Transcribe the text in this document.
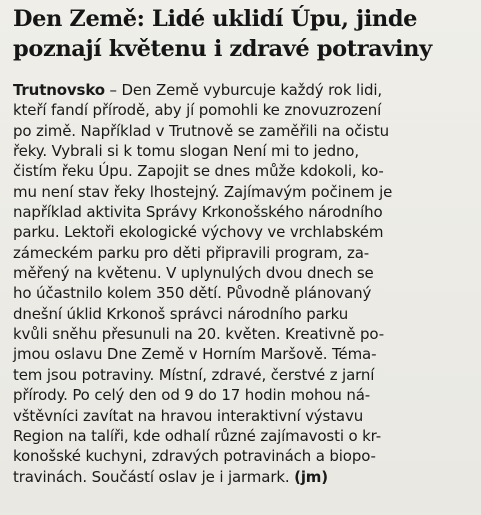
Den Země: Lidé uklidí Úpu, jinde
poznají květenu i zdravé potraviny
Trutnovsko – Den Země vyburcuje každý rok lidi,
kteří fandí přírodě, aby jí pomohli ke znovuzrození
po zimě. Například v Trutnově se zaměřili na očistu
řeky. Vybrali si k tomu slogan Není mi to jedno,
čistím řeku Úpu. Zapojit se dnes může kdokoli, ko-
mu není stav řeky lhostejný. Zajímavým počinem je
například aktivita Správy Krkonošského národního
parku. Lektoři ekologické výchovy ve vrchlabském
zámeckém parku pro děti připravili program, za-
měřený na květenu. V uplynulých dvou dnech se
ho účastnilo kolem 350 dětí. Původně plánovaný
dnešní úklid Krkonoš správci národního parku
kvůli sněhu přesunuli na 20. květen. Kreativně po-
jmou oslavu Dne Země v Horním Maršově. Téma-
tem jsou potraviny. Místní, zdravé, čerstvé z jarní
přírody. Po celý den od 9 do 17 hodin mohou ná-
vštěvníci zavítat na hravou interaktivní výstavu
Region na talíři, kde odhalí různé zajímavosti o kr-
konošské kuchyni, zdravých potravinách a biopo-
travinách. Součástí oslav je i jarmark. (jm)
